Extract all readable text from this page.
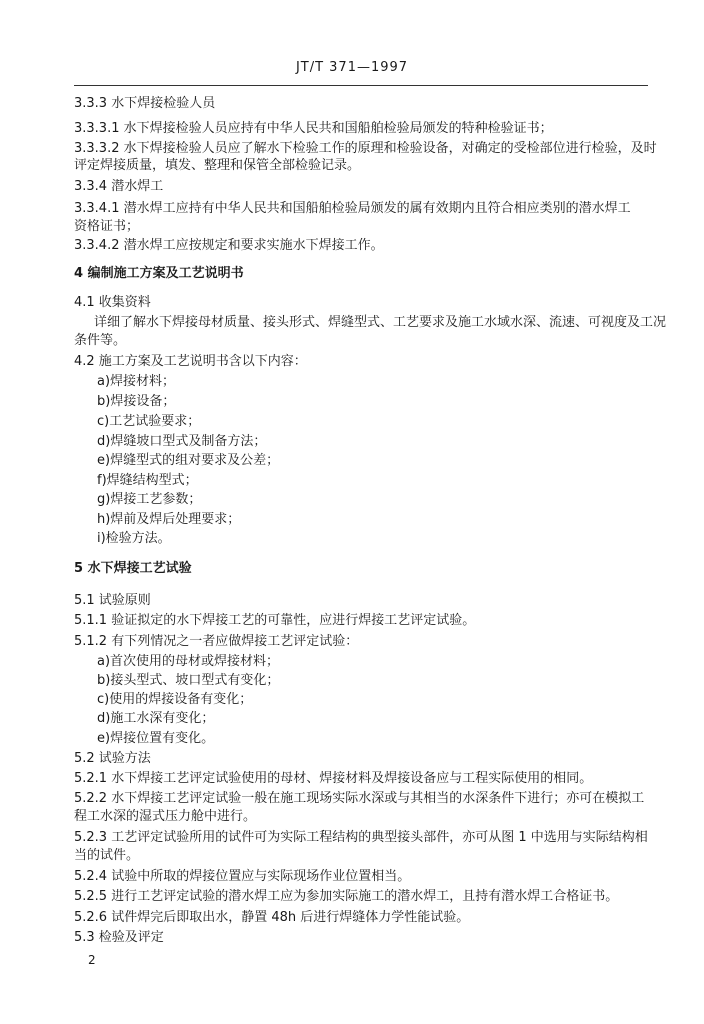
JT/T 371—1997
3.3.3 水下焊接检验人员
3.3.3.1 水下焊接检验人员应持有中华人民共和国船舶检验局颁发的特种检验证书；
3.3.3.2 水下焊接检验人员应了解水下检验工作的原理和检验设备，对确定的受检部位进行检验，及时
评定焊接质量，填发、整理和保管全部检验记录。
3.3.4 潜水焊工
3.3.4.1 潜水焊工应持有中华人民共和国船舶检验局颁发的属有效期内且符合相应类别的潜水焊工
资格证书；
3.3.4.2 潜水焊工应按规定和要求实施水下焊接工作。
4 编制施工方案及工艺说明书
4.1 收集资料
详细了解水下焊接母材质量、接头形式、焊缝型式、工艺要求及施工水域水深、流速、可视度及工况
条件等。
4.2 施工方案及工艺说明书含以下内容：
a)焊接材料；
b)焊接设备；
c)工艺试验要求；
d)焊缝坡口型式及制备方法；
e)焊缝型式的组对要求及公差；
f)焊缝结构型式；
g)焊接工艺参数；
h)焊前及焊后处理要求；
i)检验方法。
5 水下焊接工艺试验
5.1 试验原则
5.1.1 验证拟定的水下焊接工艺的可靠性，应进行焊接工艺评定试验。
5.1.2 有下列情况之一者应做焊接工艺评定试验：
a)首次使用的母材或焊接材料；
b)接头型式、坡口型式有变化；
c)使用的焊接设备有变化；
d)施工水深有变化；
e)焊接位置有变化。
5.2 试验方法
5.2.1 水下焊接工艺评定试验使用的母材、焊接材料及焊接设备应与工程实际使用的相同。
5.2.2 水下焊接工艺评定试验一般在施工现场实际水深或与其相当的水深条件下进行；亦可在模拟工
程工水深的湿式压力舱中进行。
5.2.3 工艺评定试验所用的试件可为实际工程结构的典型接头部件，亦可从图 1 中选用与实际结构相
当的试件。
5.2.4 试验中所取的焊接位置应与实际现场作业位置相当。
5.2.5 进行工艺评定试验的潜水焊工应为参加实际施工的潜水焊工，且持有潜水焊工合格证书。
5.2.6 试件焊完后即取出水，静置 48h 后进行焊缝体力学性能试验。
5.3 检验及评定
2
